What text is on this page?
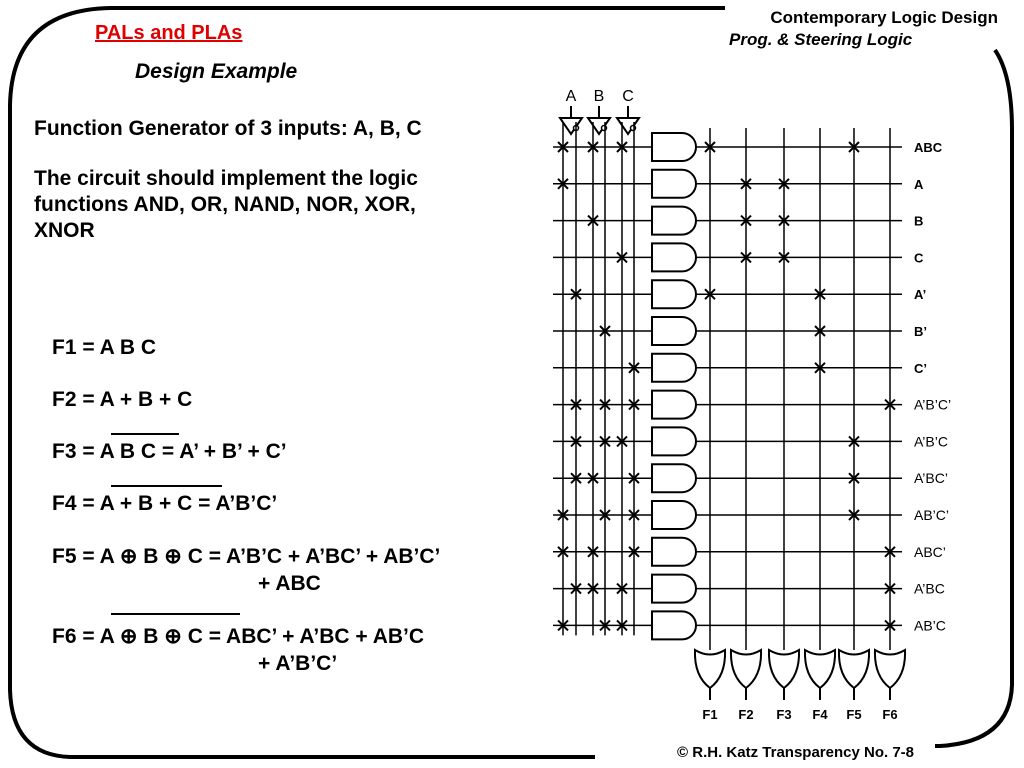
PALs and PLAs
Design Example
Contemporary Logic Design
Prog. & Steering Logic
Function Generator of 3 inputs: A, B, C
The circuit should implement the logic
functions AND, OR, NAND, NOR, XOR,
XNOR
F1 = A B C
F2 = A + B + C
F3 = A B C = A’ + B’ + C’
F4 = A + B + C = A’B’C’
F5 = A ⊕ B ⊕ C = A’B’C + A’BC’ + AB’C’
+ ABC
F6 = A ⊕ B ⊕ C = ABC’ + A’BC + AB’C
+ A’B’C’
A B C
ABC
A
B
C
A’
B’
C’
A’B’C’
A’B’C
A’BC’
AB’C’
ABC’
A’BC
AB’C
F1 F2 F3 F4 F5 F6
© R.H. Katz Transparency No. 7-8
